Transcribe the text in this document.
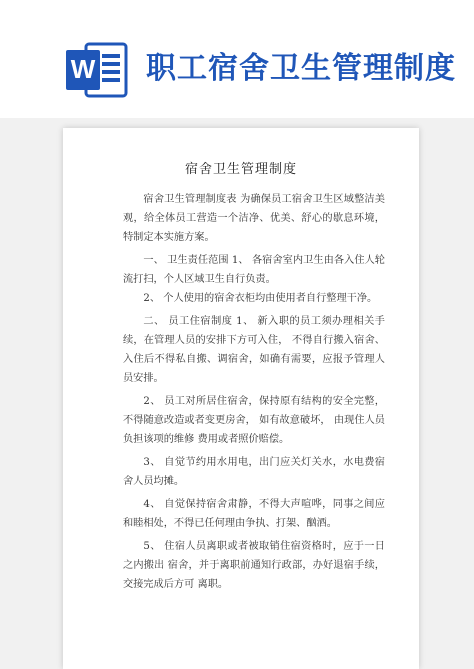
W 职工宿舍卫生管理制度
宿舍卫生管理制度

宿舍卫生管理制度表 为确保员工宿舍卫生区域整洁美观，给全体员工营造一个洁净、优美、舒心的歇息环境，特制定本实施方案。

一、 卫生责任范围 1、 各宿舍室内卫生由各入住人轮流打扫，个人区域卫生自行负责。

2、 个人使用的宿舍衣柜均由使用者自行整理干净。

二、 员工住宿制度 1、 新入职的员工须办理相关手续，在管理人员的安排下方可入住， 不得自行搬入宿舍、入住后不得私自搬、调宿舍，如确有需要，应报予管理人员安排。

2、 员工对所居住宿舍，保持原有结构的安全完整，不得随意改造或者变更房舍， 如有故意破坏， 由现住人员负担该项的维修 费用或者照价赔偿。

3、 自觉节约用水用电，出门应关灯关水，水电费宿舍人员均摊。

4、 自觉保持宿舍肃静，不得大声喧哗，同事之间应和睦相处，不得已任何理由争执、打架、酗酒。

5、 住宿人员离职或者被取销住宿资格时，应于一日之内搬出 宿舍，并于离职前通知行政部，办好退宿手续，交接完成后方可 离职。
